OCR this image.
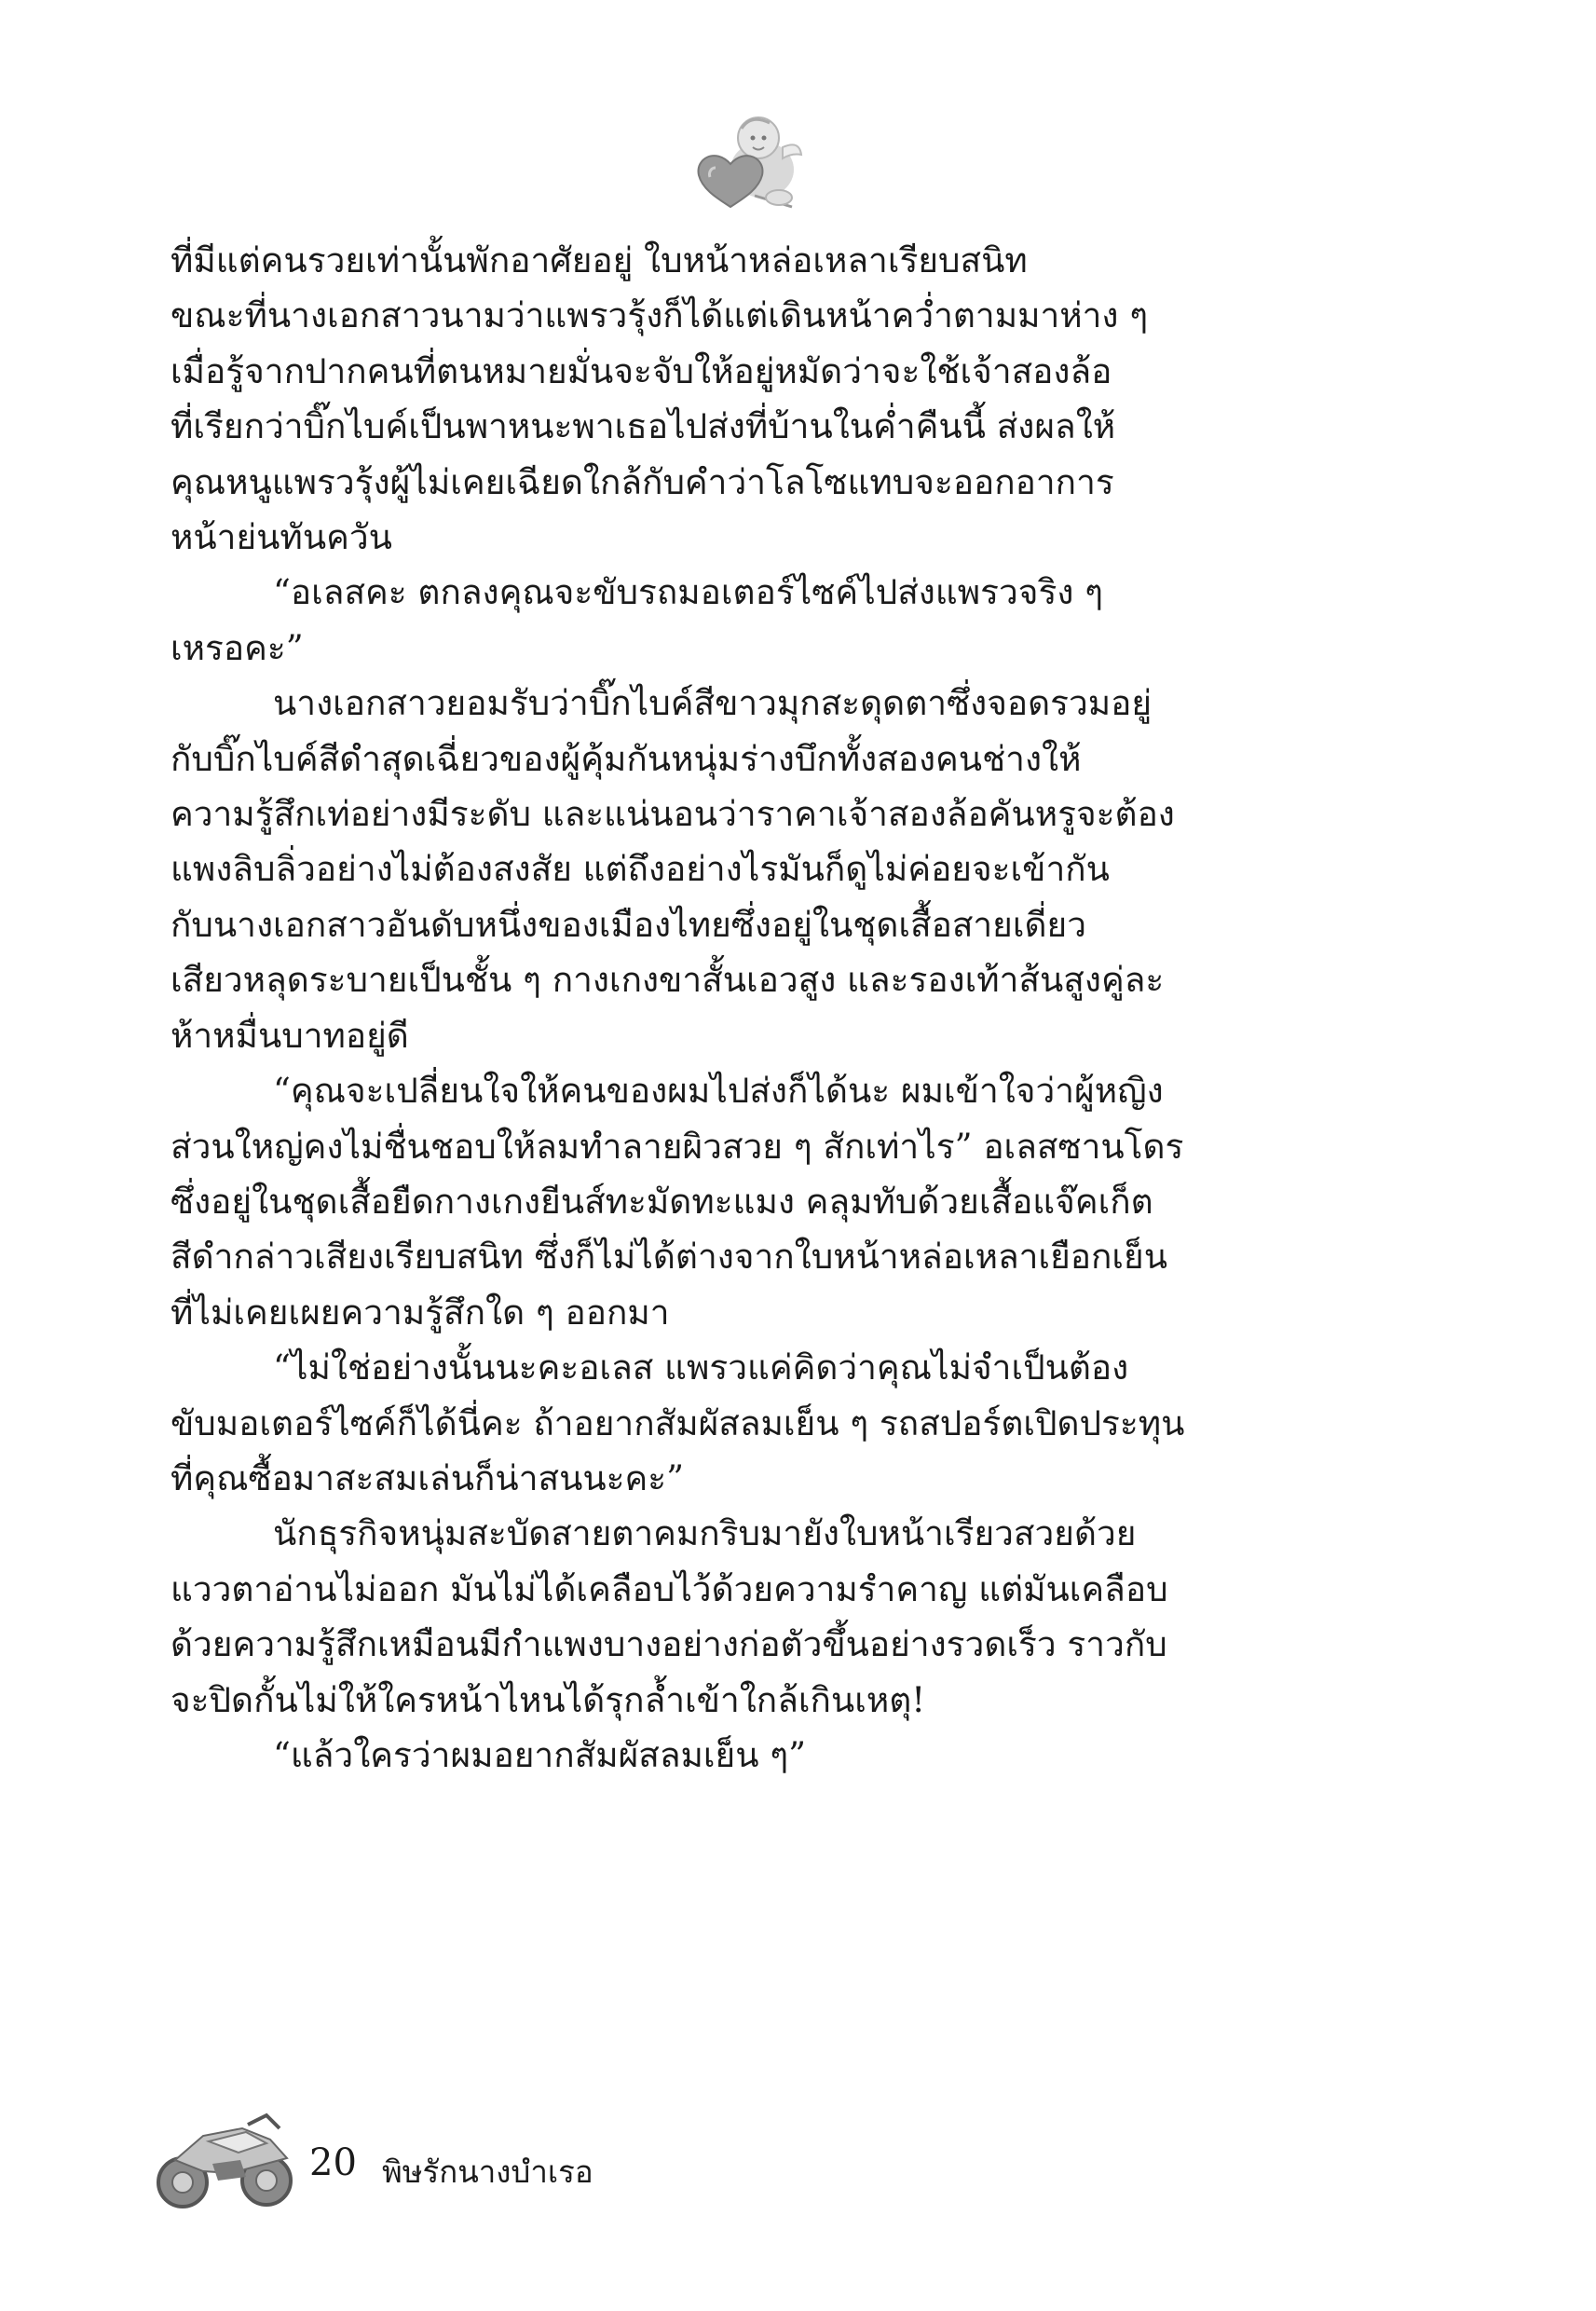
ที่มีแต่คนรวยเท่านั้นพักอาศัยอยู่ ใบหน้าหล่อเหลาเรียบสนิท

ขณะที่นางเอกสาวนามว่าแพรวรุ้งก็ได้แต่เดินหน้าคว่ำตามมาห่าง ๆ

เมื่อรู้จากปากคนที่ตนหมายมั่นจะจับให้อยู่หมัดว่าจะใช้เจ้าสองล้อ

ที่เรียกว่าบิ๊กไบค์เป็นพาหนะพาเธอไปส่งที่บ้านในค่ำคืนนี้ ส่งผลให้

คุณหนูแพรวรุ้งผู้ไม่เคยเฉียดใกล้กับคำว่าโลโซแทบจะออกอาการ

หน้าย่นทันควัน

“อเลสคะ ตกลงคุณจะขับรถมอเตอร์ไซค์ไปส่งแพรวจริง ๆ

เหรอคะ”

นางเอกสาวยอมรับว่าบิ๊กไบค์สีขาวมุกสะดุดตาซึ่งจอดรวมอยู่

กับบิ๊กไบค์สีดำสุดเฉี่ยวของผู้คุ้มกันหนุ่มร่างบึกทั้งสองคนช่างให้

ความรู้สึกเท่อย่างมีระดับ และแน่นอนว่าราคาเจ้าสองล้อคันหรูจะต้อง

แพงลิบลิ่วอย่างไม่ต้องสงสัย แต่ถึงอย่างไรมันก็ดูไม่ค่อยจะเข้ากัน

กับนางเอกสาวอันดับหนึ่งของเมืองไทยซึ่งอยู่ในชุดเสื้อสายเดี่ยว

เสียวหลุดระบายเป็นชั้น ๆ กางเกงขาสั้นเอวสูง และรองเท้าส้นสูงคู่ละ

ห้าหมื่นบาทอยู่ดี

“คุณจะเปลี่ยนใจให้คนของผมไปส่งก็ได้นะ ผมเข้าใจว่าผู้หญิง

ส่วนใหญ่คงไม่ชื่นชอบให้ลมทำลายผิวสวย ๆ สักเท่าไร” อเลสซานโดร

ซึ่งอยู่ในชุดเสื้อยืดกางเกงยีนส์ทะมัดทะแมง คลุมทับด้วยเสื้อแจ๊คเก็ต

สีดำกล่าวเสียงเรียบสนิท ซึ่งก็ไม่ได้ต่างจากใบหน้าหล่อเหลาเยือกเย็น

ที่ไม่เคยเผยความรู้สึกใด ๆ ออกมา

“ไม่ใช่อย่างนั้นนะคะอเลส แพรวแค่คิดว่าคุณไม่จำเป็นต้อง

ขับมอเตอร์ไซค์ก็ได้นี่คะ ถ้าอยากสัมผัสลมเย็น ๆ รถสปอร์ตเปิดประทุน

ที่คุณซื้อมาสะสมเล่นก็น่าสนนะคะ”

นักธุรกิจหนุ่มสะบัดสายตาคมกริบมายังใบหน้าเรียวสวยด้วย

แววตาอ่านไม่ออก มันไม่ได้เคลือบไว้ด้วยความรำคาญ แต่มันเคลือบ

ด้วยความรู้สึกเหมือนมีกำแพงบางอย่างก่อตัวขึ้นอย่างรวดเร็ว ราวกับ

จะปิดกั้นไม่ให้ใครหน้าไหนได้รุกล้ำเข้าใกล้เกินเหตุ!

“แล้วใครว่าผมอยากสัมผัสลมเย็น ๆ”

20 พิษรักนางบำเรอ
